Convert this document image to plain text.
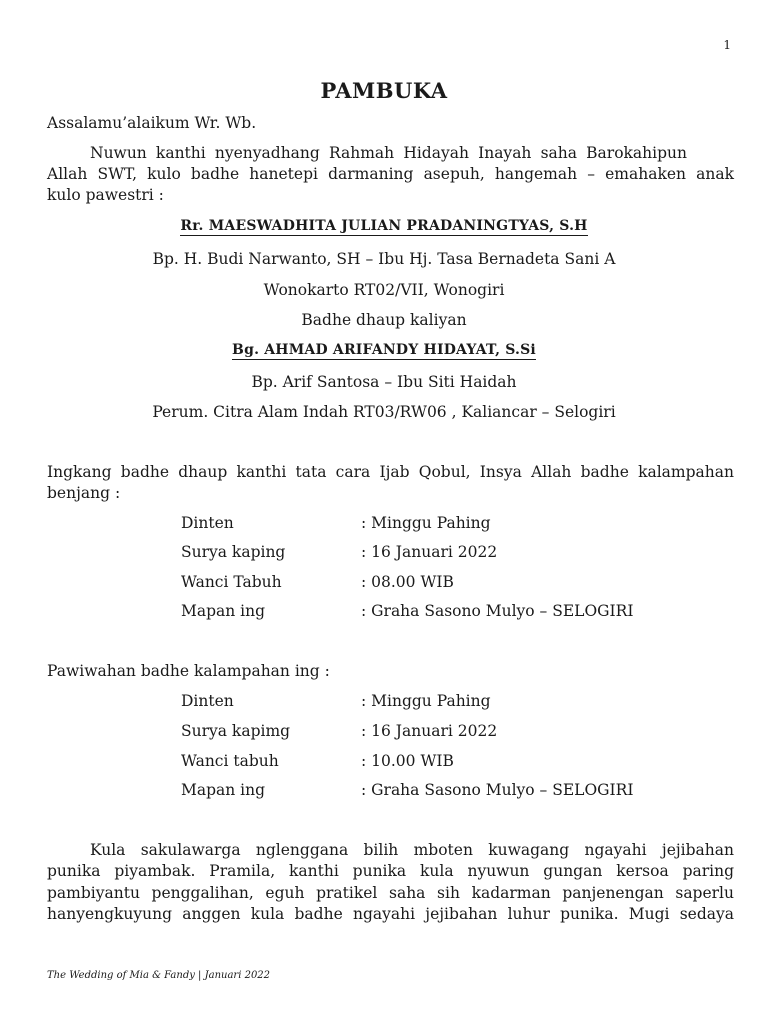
1
PAMBUKA
Assalamu’alaikum Wr. Wb.
Nuwun kanthi nyenyadhang Rahmah Hidayah Inayah saha Barokahipun
Allah SWT, kulo badhe hanetepi darmaning asepuh, hangemah – emahaken anak
kulo pawestri :
Rr. MAESWADHITA JULIAN PRADANINGTYAS, S.H
Bp. H. Budi Narwanto, SH – Ibu Hj. Tasa Bernadeta Sani A
Wonokarto RT02/VII, Wonogiri
Badhe dhaup kaliyan
Bg. AHMAD ARIFANDY HIDAYAT, S.Si
Bp. Arif Santosa – Ibu Siti Haidah
Perum. Citra Alam Indah RT03/RW06 , Kaliancar – Selogiri
Ingkang badhe dhaup kanthi tata cara Ijab Qobul, Insya Allah badhe kalampahan
benjang :
Dinten	: Minggu Pahing
Surya kaping	: 16 Januari 2022
Wanci Tabuh	: 08.00 WIB
Mapan ing	: Graha Sasono Mulyo – SELOGIRI
Pawiwahan badhe kalampahan ing :
Dinten	: Minggu Pahing
Surya kapimg	: 16 Januari 2022
Wanci tabuh	: 10.00 WIB
Mapan ing	: Graha Sasono Mulyo – SELOGIRI
Kula sakulawarga nglenggana bilih mboten kuwagang ngayahi jejibahan
punika piyambak. Pramila, kanthi punika kula nyuwun gungan kersoa paring
pambiyantu penggalihan, eguh pratikel saha sih kadarman panjenengan saperlu
hanyengkuyung anggen kula badhe ngayahi jejibahan luhur punika. Mugi sedaya
The Wedding of Mia & Fandy | Januari 2022
